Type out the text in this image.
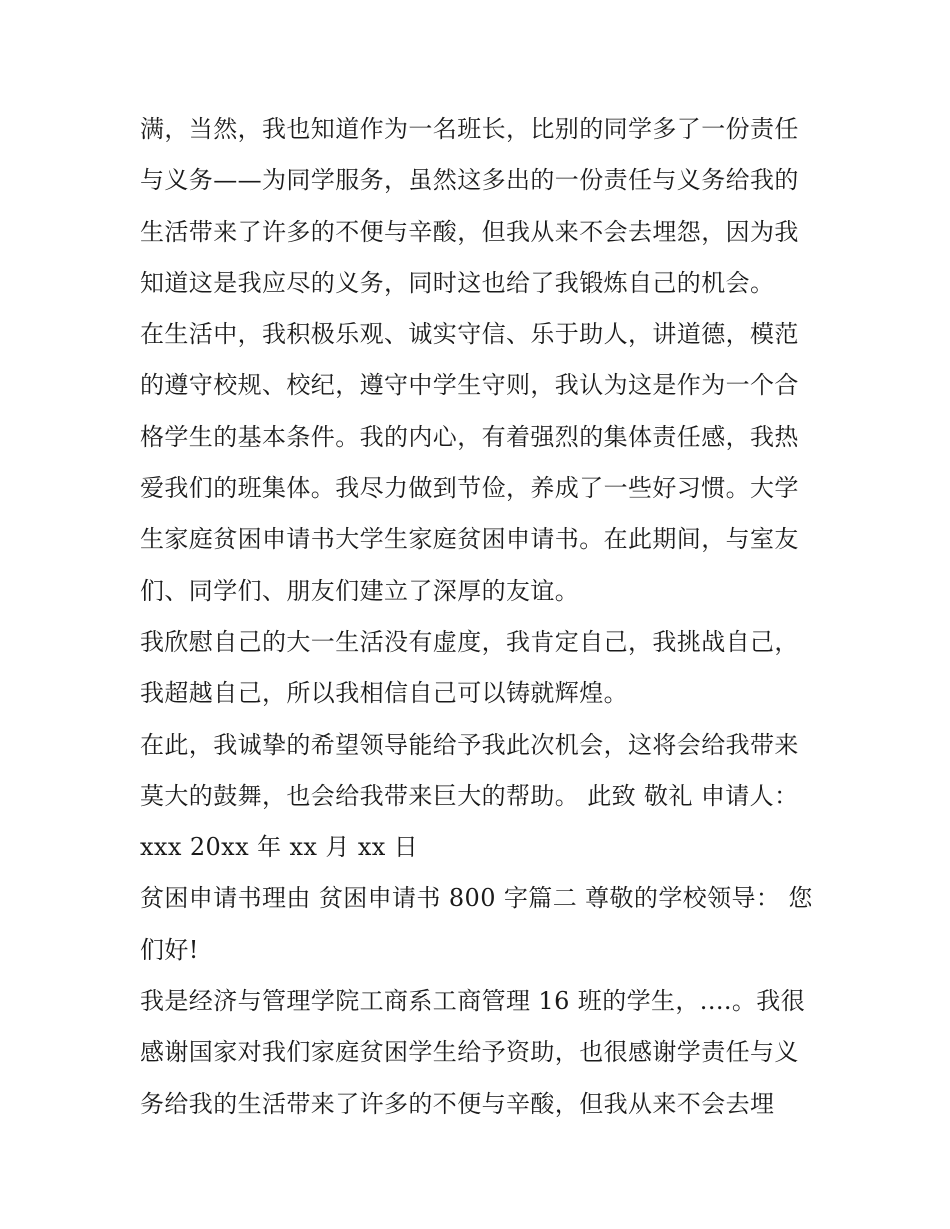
满，当然，我也知道作为一名班长，比别的同学多了一份责任
与义务——为同学服务，虽然这多出的一份责任与义务给我的
生活带来了许多的不便与辛酸，但我从来不会去埋怨，因为我
知道这是我应尽的义务，同时这也给了我锻炼自己的机会。
在生活中，我积极乐观、诚实守信、乐于助人，讲道德，模范
的遵守校规、校纪，遵守中学生守则，我认为这是作为一个合
格学生的基本条件。我的内心，有着强烈的集体责任感，我热
爱我们的班集体。我尽力做到节俭，养成了一些好习惯。大学
生家庭贫困申请书大学生家庭贫困申请书。在此期间，与室友
们、同学们、朋友们建立了深厚的友谊。
我欣慰自己的大一生活没有虚度，我肯定自己，我挑战自己，
我超越自己，所以我相信自己可以铸就辉煌。
在此，我诚挚的希望领导能给予我此次机会，这将会给我带来
莫大的鼓舞，也会给我带来巨大的帮助。 此致 敬礼 申请人：
xxx 20xx 年 xx 月 xx 日
贫困申请书理由 贫困申请书 800 字篇二 尊敬的学校领导： 您
们好!
我是经济与管理学院工商系工商管理 16 班的学生，....。我很
感谢国家对我们家庭贫困学生给予资助，也很感谢学责任与义
务给我的生活带来了许多的不便与辛酸，但我从来不会去埋
